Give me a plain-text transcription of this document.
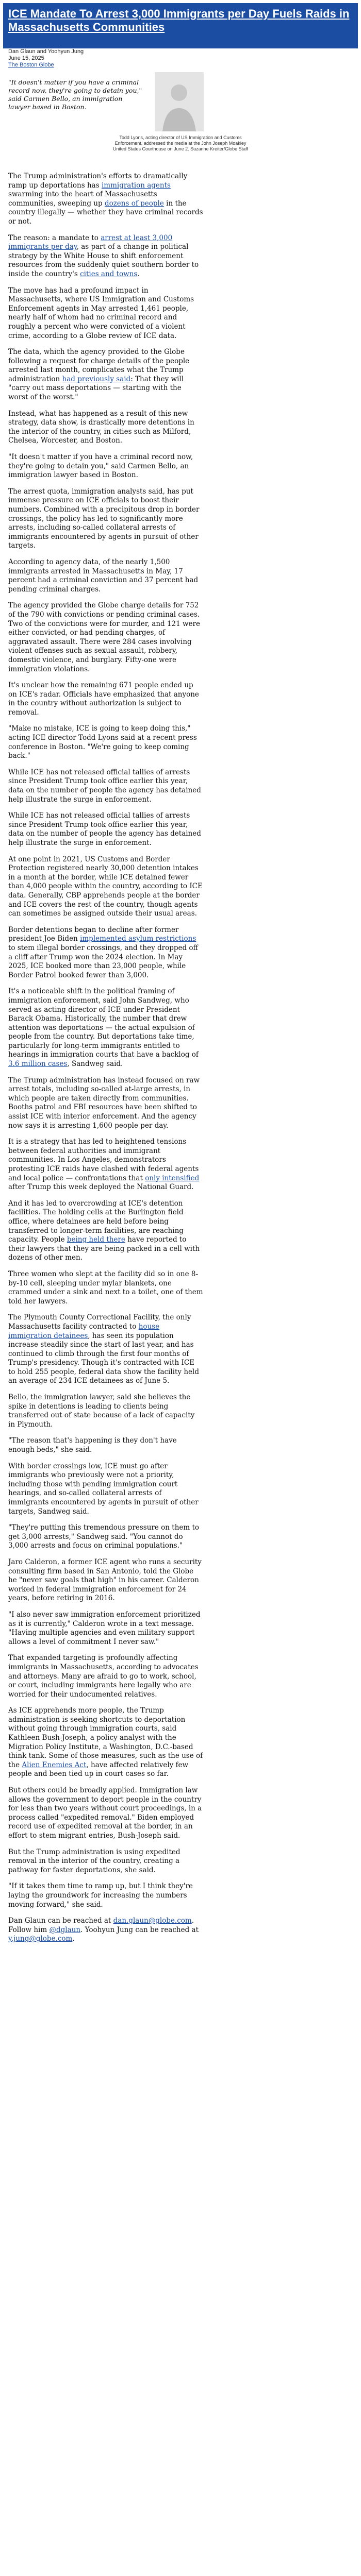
ICE Mandate To Arrest 3,000 Immigrants per Day Fuels Raids in Massachusetts Communities
Dan Glaun and Yoohyun Jung
June 15, 2025
The Boston Globe
"It doesn't matter if you have a criminal record now, they're going to detain you," said Carmen Bello, an immigration lawyer based in Boston.
Todd Lyons, acting director of US Immigration and Customs Enforcement, addressed the media at the John Joseph Moakley United States Courthouse on June 2. Suzanne Kreiter/Globe Staff

The Trump administration's efforts to dramatically ramp up deportations has immigration agents swarming into the heart of Massachusetts communities, sweeping up dozens of people in the country illegally — whether they have criminal records or not.

The reason: a mandate to arrest at least 3,000 immigrants per day, as part of a change in political strategy by the White House to shift enforcement resources from the suddenly quiet southern border to inside the country's cities and towns.

The move has had a profound impact in Massachusetts, where US Immigration and Customs Enforcement agents in May arrested 1,461 people, nearly half of whom had no criminal record and roughly a percent who were convicted of a violent crime, according to a Globe review of ICE data.

The data, which the agency provided to the Globe following a request for charge details of the people arrested last month, complicates what the Trump administration had previously said: That they will "carry out mass deportations — starting with the worst of the worst."

Instead, what has happened as a result of this new strategy, data show, is drastically more detentions in the interior of the country, in cities such as Milford, Chelsea, Worcester, and Boston.

"It doesn't matter if you have a criminal record now, they're going to detain you," said Carmen Bello, an immigration lawyer based in Boston.

The arrest quota, immigration analysts said, has put immense pressure on ICE officials to boost their numbers. Combined with a precipitous drop in border crossings, the policy has led to significantly more arrests, including so-called collateral arrests of immigrants encountered by agents in pursuit of other targets.

According to agency data, of the nearly 1,500 immigrants arrested in Massachusetts in May, 17 percent had a criminal conviction and 37 percent had pending criminal charges.

The agency provided the Globe charge details for 752 of the 790 with convictions or pending criminal cases. Two of the convictions were for murder, and 121 were either convicted, or had pending charges, of aggravated assault. There were 284 cases involving violent offenses such as sexual assault, robbery, domestic violence, and burglary. Fifty-one were immigration violations.

It's unclear how the remaining 671 people ended up on ICE's radar. Officials have emphasized that anyone in the country without authorization is subject to removal.

"Make no mistake, ICE is going to keep doing this," acting ICE director Todd Lyons said at a recent press conference in Boston. "We're going to keep coming back."

While ICE has not released official tallies of arrests since President Trump took office earlier this year, data on the number of people the agency has detained help illustrate the surge in enforcement.

While ICE has not released official tallies of arrests since President Trump took office earlier this year, data on the number of people the agency has detained help illustrate the surge in enforcement.

At one point in 2021, US Customs and Border Protection registered nearly 30,000 detention intakes in a month at the border, while ICE detained fewer than 4,000 people within the country, according to ICE data. Generally, CBP apprehends people at the border and ICE covers the rest of the country, though agents can sometimes be assigned outside their usual areas.

Border detentions began to decline after former president Joe Biden implemented asylum restrictions to stem illegal border crossings, and they dropped off a cliff after Trump won the 2024 election. In May 2025, ICE booked more than 23,000 people, while Border Patrol booked fewer than 3,000.

It's a noticeable shift in the political framing of immigration enforcement, said John Sandweg, who served as acting director of ICE under President Barack Obama. Historically, the number that drew attention was deportations — the actual expulsion of people from the country. But deportations take time, particularly for long-term immigrants entitled to hearings in immigration courts that have a backlog of 3.6 million cases, Sandweg said.

The Trump administration has instead focused on raw arrest totals, including so-called at-large arrests, in which people are taken directly from communities. Booths patrol and FBI resources have been shifted to assist ICE with interior enforcement. And the agency now says it is arresting 1,600 people per day.

It is a strategy that has led to heightened tensions between federal authorities and immigrant communities. In Los Angeles, demonstrators protesting ICE raids have clashed with federal agents and local police — confrontations that only intensified after Trump this week deployed the National Guard.

And it has led to overcrowding at ICE's detention facilities. The holding cells at the Burlington field office, where detainees are held before being transferred to longer-term facilities, are reaching capacity. People being held there have reported to their lawyers that they are being packed in a cell with dozens of other men.

Three women who slept at the facility did so in one 8-by-10 cell, sleeping under mylar blankets, one crammed under a sink and next to a toilet, one of them told her lawyers.

The Plymouth County Correctional Facility, the only Massachusetts facility contracted to house immigration detainees, has seen its population increase steadily since the start of last year, and has continued to climb through the first four months of Trump's presidency. Though it's contracted with ICE to hold 255 people, federal data show the facility held an average of 234 ICE detainees as of June 5.

Bello, the immigration lawyer, said she believes the spike in detentions is leading to clients being transferred out of state because of a lack of capacity in Plymouth.

"The reason that's happening is they don't have enough beds," she said.

With border crossings low, ICE must go after immigrants who previously were not a priority, including those with pending immigration court hearings, and so-called collateral arrests of immigrants encountered by agents in pursuit of other targets, Sandweg said.

"They're putting this tremendous pressure on them to get 3,000 arrests," Sandweg said. "You cannot do 3,000 arrests and focus on criminal populations."

Jaro Calderon, a former ICE agent who runs a security consulting firm based in San Antonio, told the Globe he "never saw goals that high" in his career. Calderon worked in federal immigration enforcement for 24 years, before retiring in 2016.

"I also never saw immigration enforcement prioritized as it is currently," Calderon wrote in a text message. "Having multiple agencies and even military support allows a level of commitment I never saw."

That expanded targeting is profoundly affecting immigrants in Massachusetts, according to advocates and attorneys. Many are afraid to go to work, school, or court, including immigrants here legally who are worried for their undocumented relatives.

As ICE apprehends more people, the Trump administration is seeking shortcuts to deportation without going through immigration courts, said Kathleen Bush-Joseph, a policy analyst with the Migration Policy Institute, a Washington, D.C.-based think tank. Some of those measures, such as the use of the Alien Enemies Act, have affected relatively few people and been tied up in court cases so far.

But others could be broadly applied. Immigration law allows the government to deport people in the country for less than two years without court proceedings, in a process called "expedited removal." Biden employed record use of expedited removal at the border, in an effort to stem migrant entries, Bush-Joseph said.

But the Trump administration is using expedited removal in the interior of the country, creating a pathway for faster deportations, she said.

"If it takes them time to ramp up, but I think they're laying the groundwork for increasing the numbers moving forward," she said.

Dan Glaun can be reached at dan.glaun@globe.com. Follow him @dglaun. Yoohyun Jung can be reached at y.jung@globe.com.
